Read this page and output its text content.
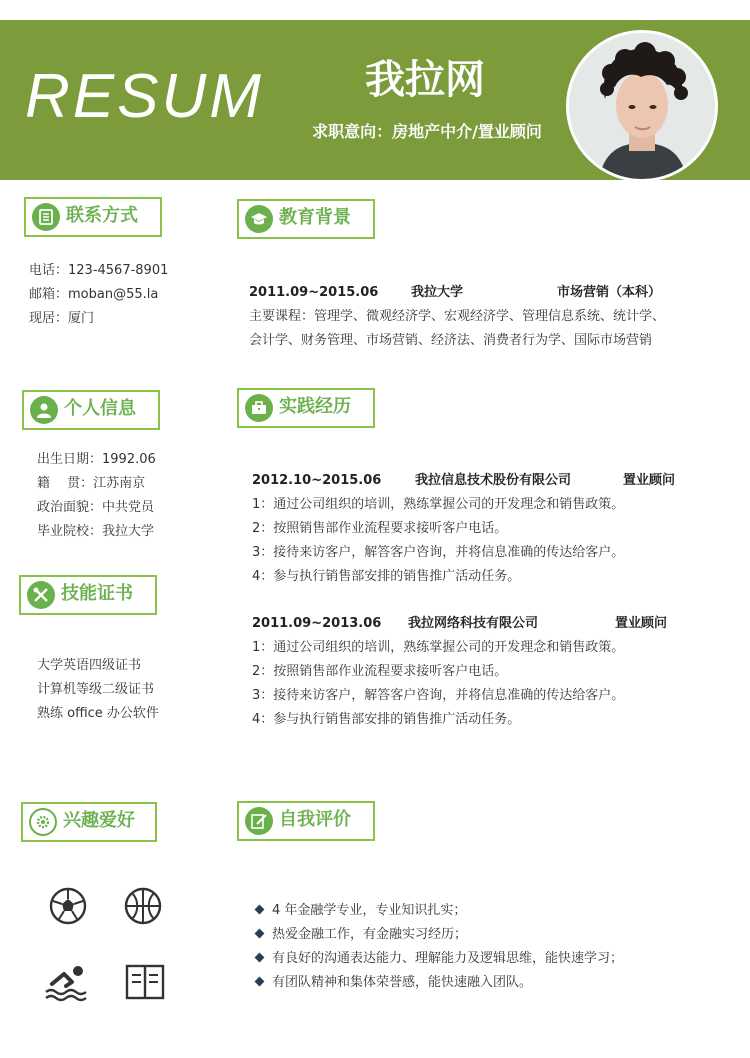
RESUM	我拉网
求职意向：房地产中介/置业顾问
联系方式
电话：123-4567-8901
邮箱：moban@55.la
现居：厦门
个人信息
出生日期：1992.06
籍　 贯：江苏南京
政治面貌：中共党员
毕业院校：我拉大学
技能证书
大学英语四级证书
计算机等级二级证书
熟练 office 办公软件
兴趣爱好
教育背景
2011.09~2015.06	我拉大学	市场营销（本科）
主要课程：管理学、微观经济学、宏观经济学、管理信息系统、统计学、
会计学、财务管理、市场营销、经济法、消费者行为学、国际市场营销
实践经历
2012.10~2015.06	我拉信息技术股份有限公司	置业顾问
1：通过公司组织的培训，熟练掌握公司的开发理念和销售政策。
2：按照销售部作业流程要求接听客户电话。
3：接待来访客户，解答客户咨询，并将信息准确的传达给客户。
4：参与执行销售部安排的销售推广活动任务。
2011.09~2013.06 我拉网络科技有限公司	置业顾问
1：通过公司组织的培训，熟练掌握公司的开发理念和销售政策。
2：按照销售部作业流程要求接听客户电话。
3：接待来访客户，解答客户咨询，并将信息准确的传达给客户。
4：参与执行销售部安排的销售推广活动任务。
自我评价
4 年金融学专业，专业知识扎实；
热爱金融工作，有金融实习经历；
有良好的沟通表达能力、理解能力及逻辑思维，能快速学习；
有团队精神和集体荣誉感，能快速融入团队。
